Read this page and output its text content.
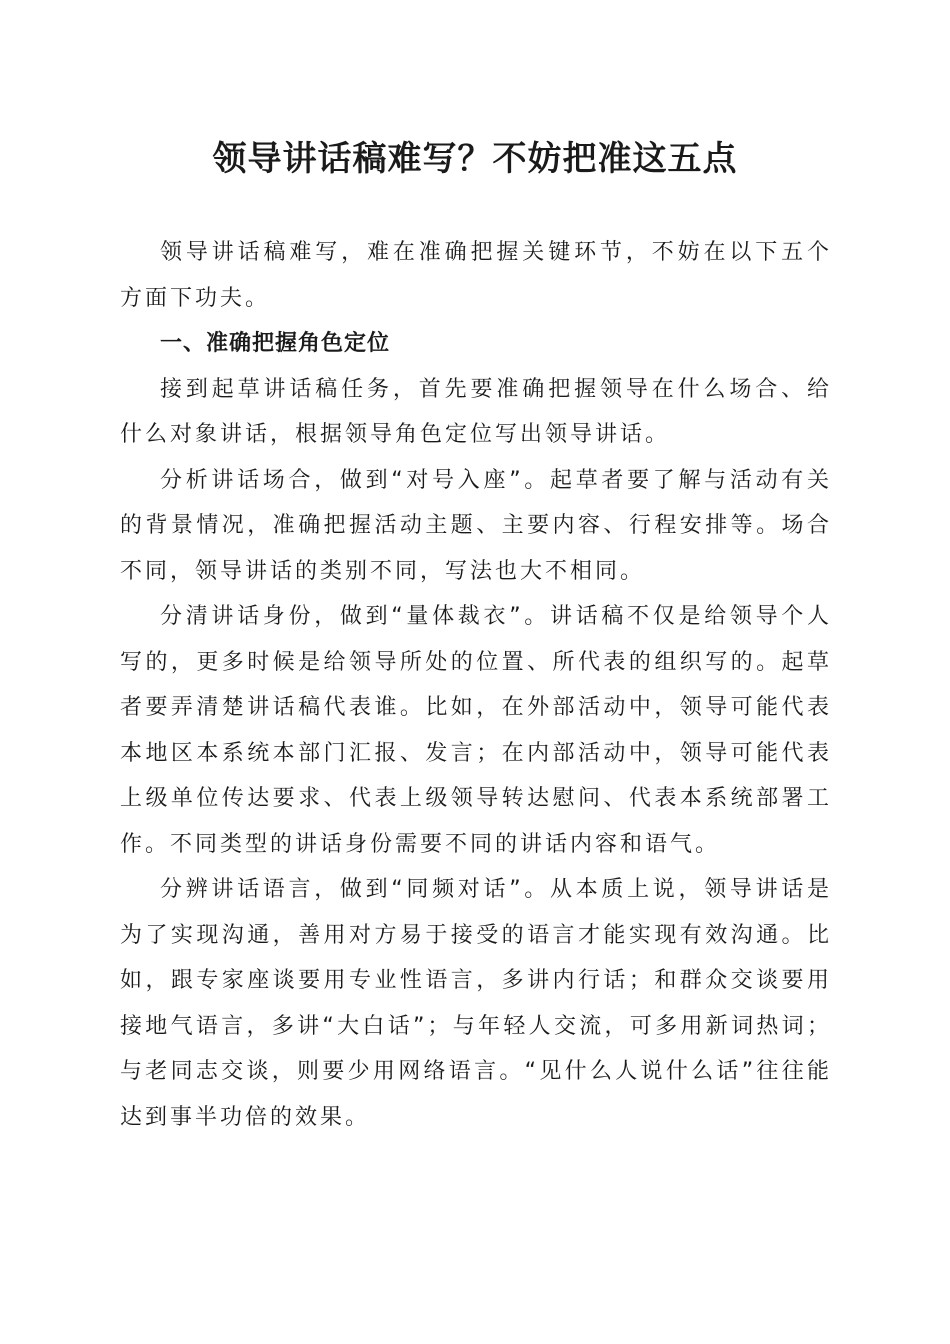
领导讲话稿难写？不妨把准这五点

领导讲话稿难写，难在准确把握关键环节，不妨在以下五个方面下功夫。

一、准确把握角色定位

接到起草讲话稿任务，首先要准确把握领导在什么场合、给什么对象讲话，根据领导角色定位写出领导讲话。

分析讲话场合，做到“对号入座”。起草者要了解与活动有关的背景情况，准确把握活动主题、主要内容、行程安排等。场合不同，领导讲话的类别不同，写法也大不相同。

分清讲话身份，做到“量体裁衣”。讲话稿不仅是给领导个人写的，更多时候是给领导所处的位置、所代表的组织写的。起草者要弄清楚讲话稿代表谁。比如，在外部活动中，领导可能代表本地区本系统本部门汇报、发言；在内部活动中，领导可能代表上级单位传达要求、代表上级领导转达慰问、代表本系统部署工作。不同类型的讲话身份需要不同的讲话内容和语气。

分辨讲话语言，做到“同频对话”。从本质上说，领导讲话是为了实现沟通，善用对方易于接受的语言才能实现有效沟通。比如，跟专家座谈要用专业性语言，多讲内行话；和群众交谈要用接地气语言，多讲“大白话”；与年轻人交流，可多用新词热词；与老同志交谈，则要少用网络语言。“见什么人说什么话”往往能达到事半功倍的效果。
